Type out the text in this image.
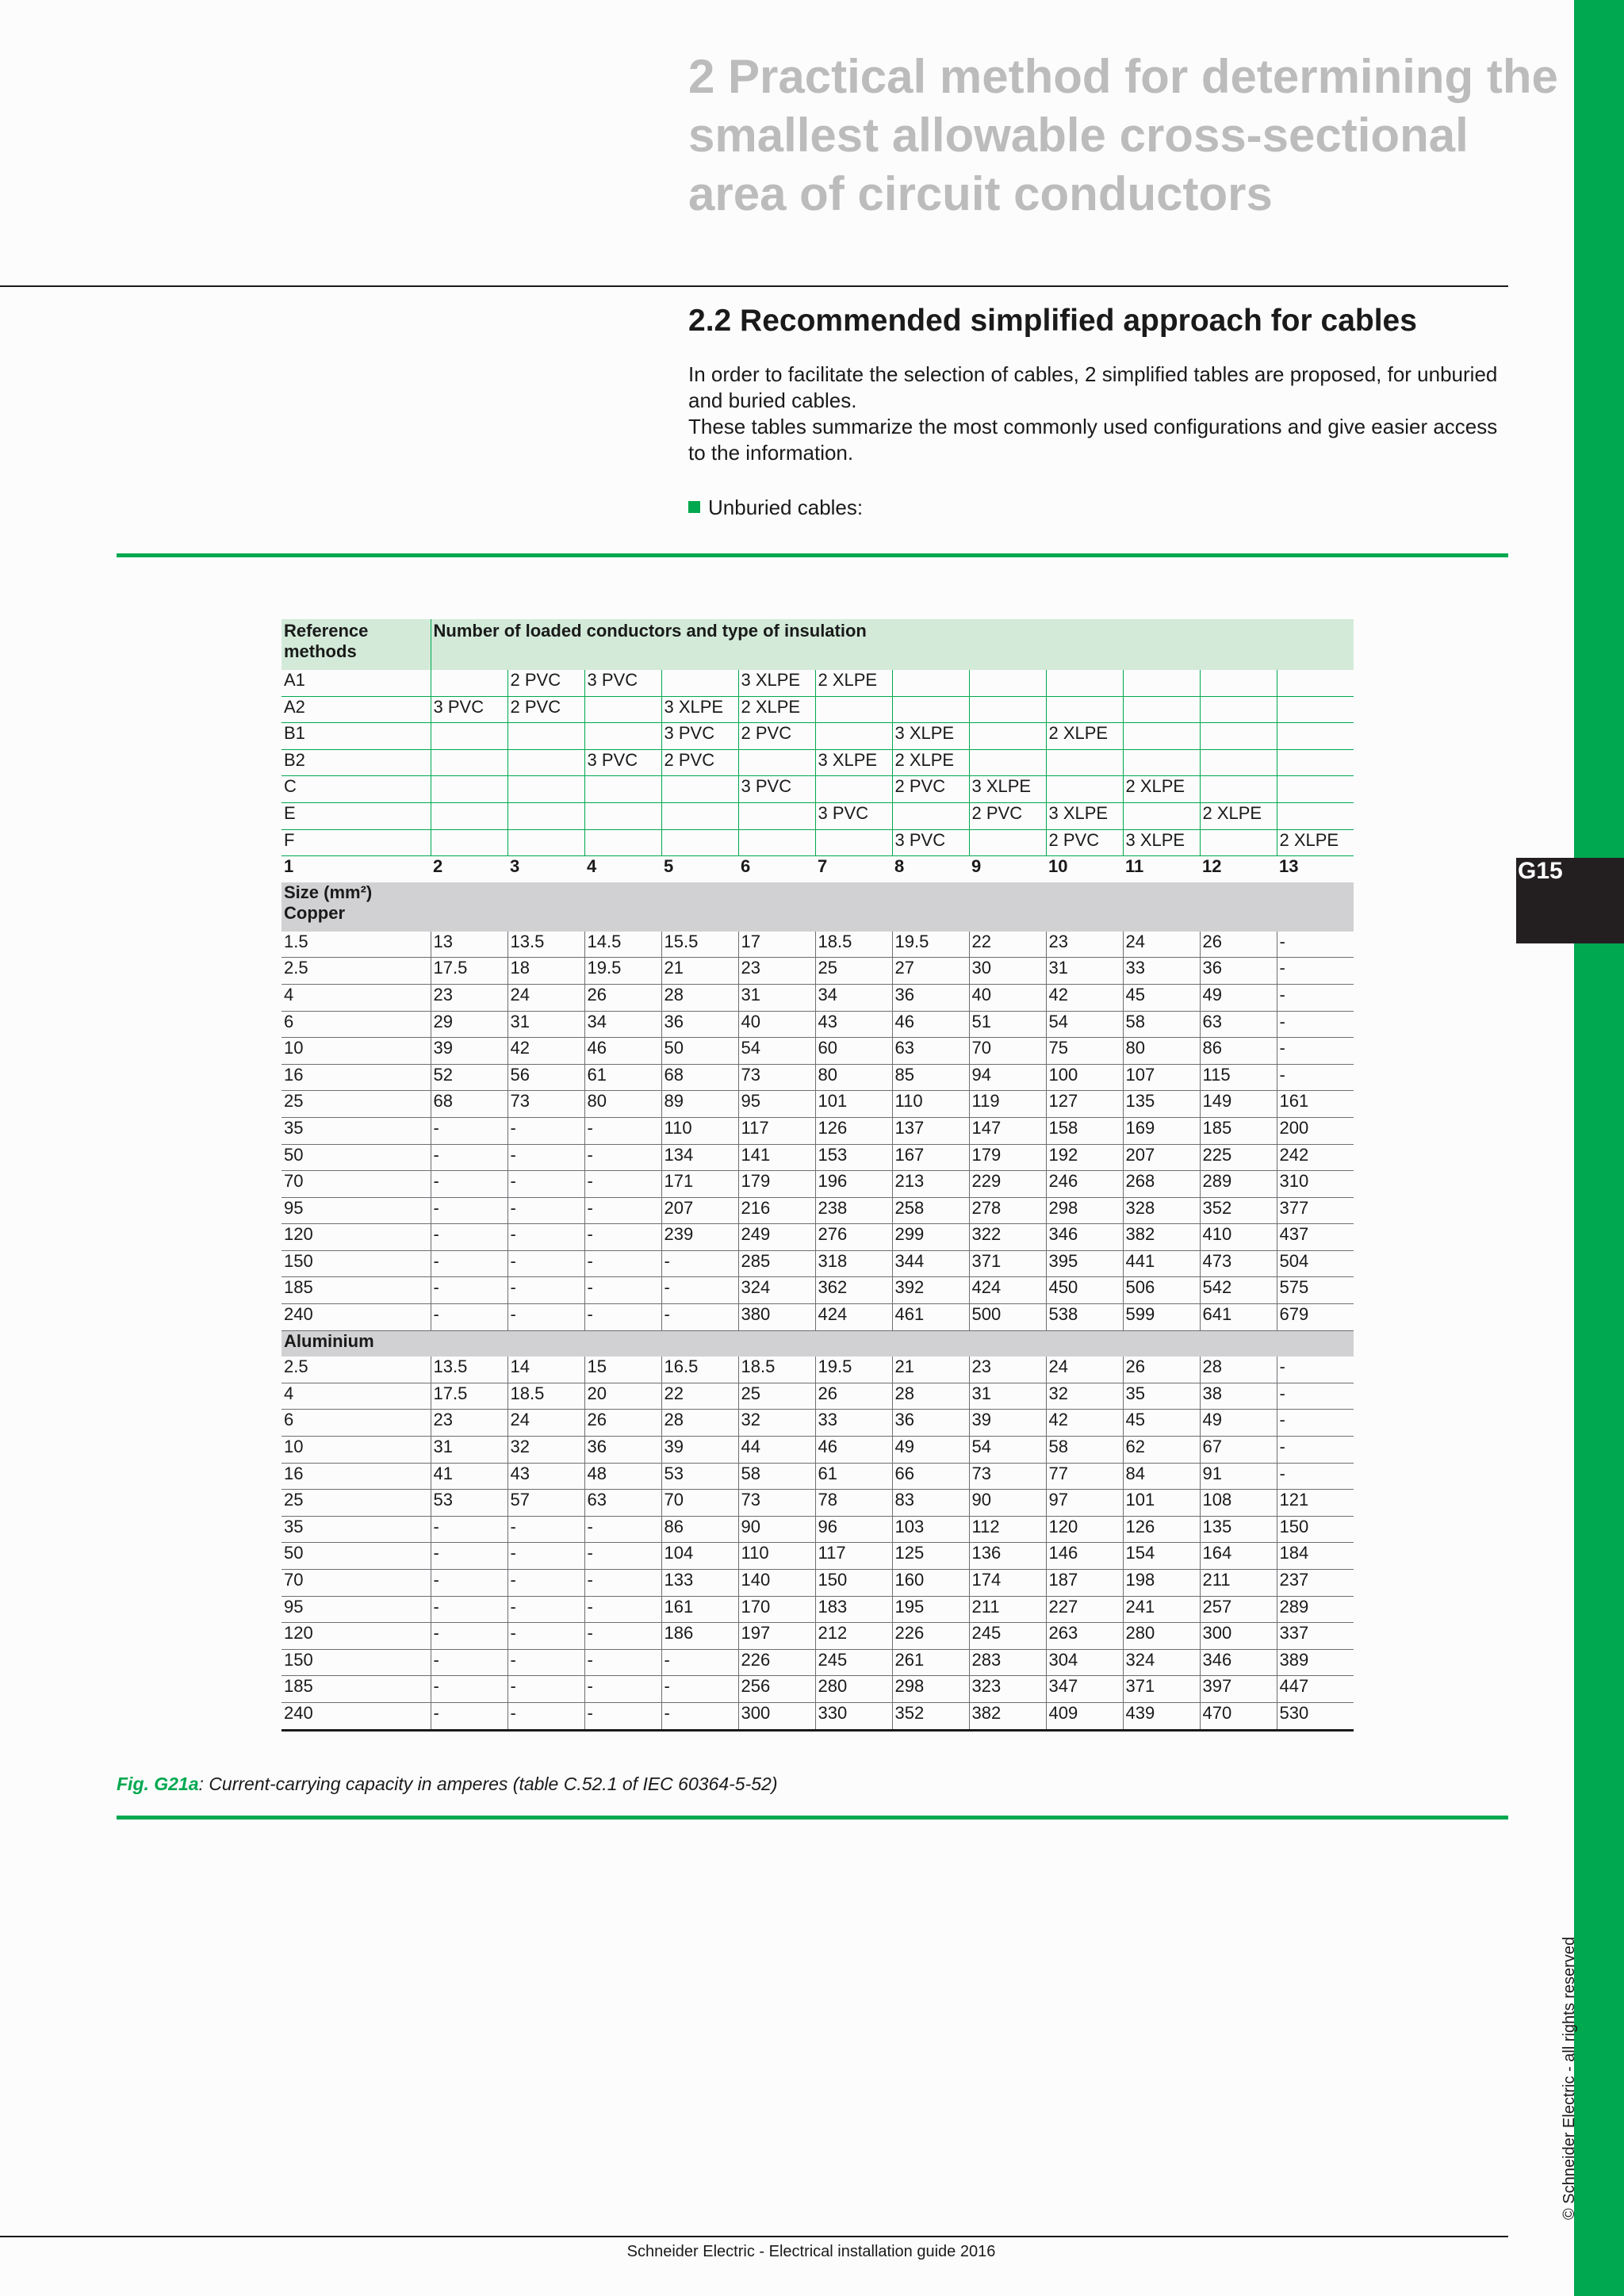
G15
© Schneider Electric - all rights reserved
2 Practical method for determining the smallest allowable cross-sectional area of circuit conductors
2.2 Recommended simplified approach for cables

In order to facilitate the selection of cables, 2 simplified tables are proposed, for unburied and buried cables.

These tables summarize the most commonly used configurations and give easier access to the information.

Unburied cables:
Reference methods	Number of loaded conductors and type of insulation											
A1		2 PVC	3 PVC		3 XLPE	2 XLPE						
A2	3 PVC	2 PVC		3 XLPE	2 XLPE							
B1				3 PVC	2 PVC		3 XLPE		2 XLPE			
B2			3 PVC	2 PVC		3 XLPE	2 XLPE					
C					3 PVC		2 PVC	3 XLPE		2 XLPE		
E						3 PVC		2 PVC	3 XLPE		2 XLPE	
F							3 PVC		2 PVC	3 XLPE		2 XLPE
1	2	3	4	5	6	7	8	9	10	11	12	13

Size (mm²)
Copper												

1.5	13	13.5	14.5	15.5	17	18.5	19.5	22	23	24	26	-
2.5	17.5	18	19.5	21	23	25	27	30	31	33	36	-
4	23	24	26	28	31	34	36	40	42	45	49	-
6	29	31	34	36	40	43	46	51	54	58	63	-
10	39	42	46	50	54	60	63	70	75	80	86	-
16	52	56	61	68	73	80	85	94	100	107	115	-
25	68	73	80	89	95	101	110	119	127	135	149	161
35	-	-	-	110	117	126	137	147	158	169	185	200
50	-	-	-	134	141	153	167	179	192	207	225	242
70	-	-	-	171	179	196	213	229	246	268	289	310
95	-	-	-	207	216	238	258	278	298	328	352	377
120	-	-	-	239	249	276	299	322	346	382	410	437
150	-	-	-	-	285	318	344	371	395	441	473	504
185	-	-	-	-	324	362	392	424	450	506	542	575
240	-	-	-	-	380	424	461	500	538	599	641	679
Aluminium												
2.5	13.5	14	15	16.5	18.5	19.5	21	23	24	26	28	-
4	17.5	18.5	20	22	25	26	28	31	32	35	38	-
6	23	24	26	28	32	33	36	39	42	45	49	-
10	31	32	36	39	44	46	49	54	58	62	67	-
16	41	43	48	53	58	61	66	73	77	84	91	-
25	53	57	63	70	73	78	83	90	97	101	108	121
35	-	-	-	86	90	96	103	112	120	126	135	150
50	-	-	-	104	110	117	125	136	146	154	164	184
70	-	-	-	133	140	150	160	174	187	198	211	237
95	-	-	-	161	170	183	195	211	227	241	257	289
120	-	-	-	186	197	212	226	245	263	280	300	337
150	-	-	-	-	226	245	261	283	304	324	346	389
185	-	-	-	-	256	280	298	323	347	371	397	447
240	-	-	-	-	300	330	352	382	409	439	470	530
Fig. G21a: Current-carrying capacity in amperes (table C.52.1 of IEC 60364-5-52)
Schneider Electric - Electrical installation guide 2016
